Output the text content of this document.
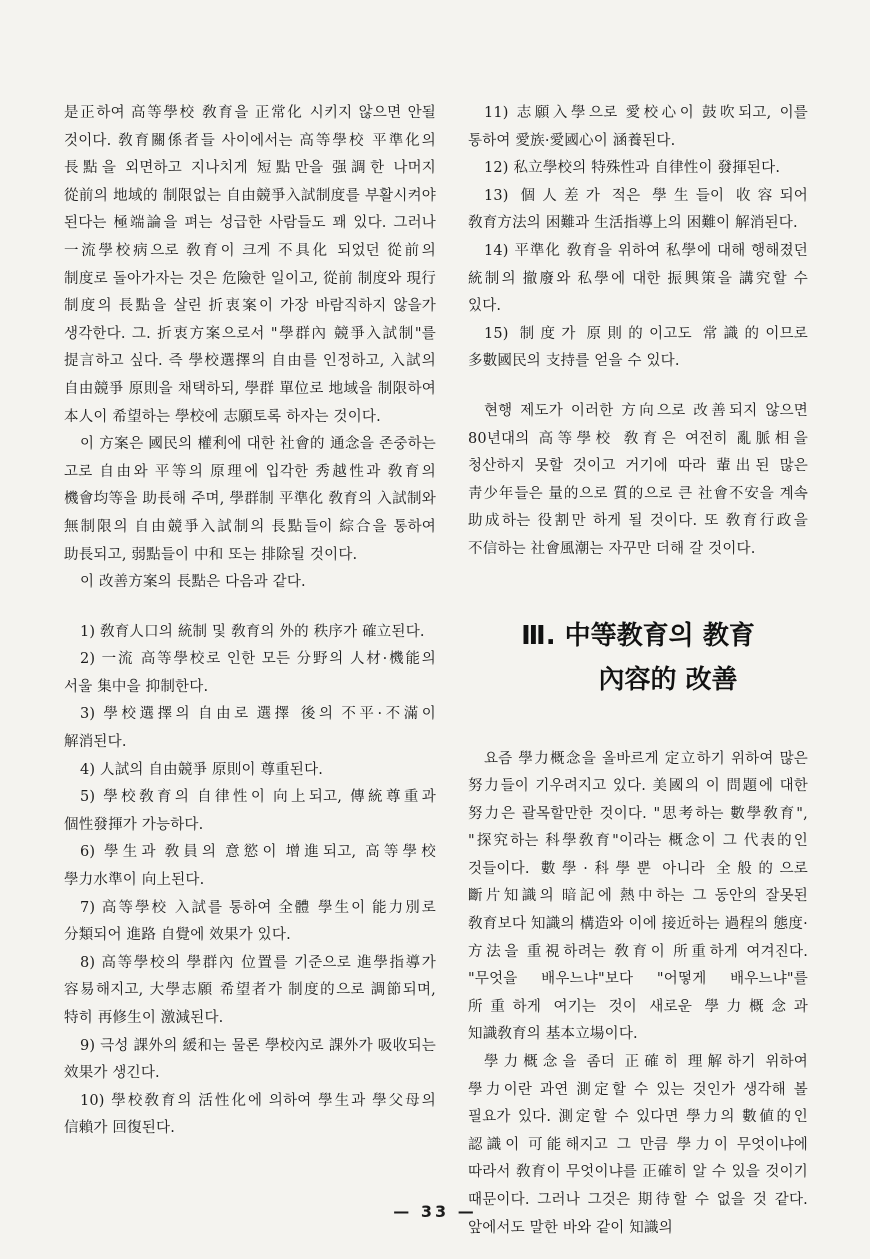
是正하여 高等學校 敎育을 正常化 시키지 않으면 안될 것이다. 敎育關係者들 사이에서는 高等學校 平準化의 長點을 외면하고 지나치게 短點만을 强調한 나머지 從前의 地域的 制限없는 自由競爭入試制度를 부활시켜야 된다는 極端論을 펴는 성급한 사람들도 꽤 있다. 그러나 一流學校病으로 敎育이 크게 不具化 되었던 從前의 制度로 돌아가자는 것은 危險한 일이고, 從前 制度와 現行 制度의 長點을 살린 折衷案이 가장 바람직하지 않을가 생각한다. 그. 折衷方案으로서 "學群內 競爭入試制"를 提言하고 싶다. 즉 學校選擇의 自由를 인정하고, 入試의 自由競爭 原則을 채택하되, 學群 單位로 地域을 制限하여 本人이 希望하는 學校에 志願토록 하자는 것이다.

이 方案은 國民의 權利에 대한 社會的 通念을 존중하는 고로 自由와 平等의 原理에 입각한 秀越性과 敎育의 機會均等을 助長해 주며, 學群制 平準化 敎育의 入試制와 無制限의 自由競爭入試制의 長點들이 綜合을 통하여 助長되고, 弱點들이 中和 또는 排除될 것이다.

이 改善方案의 長點은 다음과 같다.

1) 敎育人口의 統制 및 敎育의 外的 秩序가 確立된다.

2) 一流 高等學校로 인한 모든 分野의 人材·機能의 서울 集中을 抑制한다.

3) 學校選擇의 自由로 選擇 後의 不平·不滿이 解消된다.

4) 人試의 自由競爭 原則이 尊重된다.

5) 學校敎育의 自律性이 向上되고, 傳統尊重과 個性發揮가 가능하다.

6) 學生과 敎員의 意慾이 增進되고, 高等學校 學力水準이 向上된다.

7) 高等學校 入試를 통하여 全體 學生이 能力別로 分類되어 進路 自覺에 效果가 있다.

8) 高等學校의 學群內 位置를 기준으로 進學指導가 容易해지고, 大學志願 希望者가 制度的으로 調節되며, 特히 再修生이 激減된다.

9) 극성 課外의 緩和는 물론 學校內로 課外가 吸收되는 效果가 생긴다.

10) 學校敎育의 活性化에 의하여 學生과 學父母의 信賴가 回復된다.

11) 志願入學으로 愛校心이 鼓吹되고, 이를 통하여 愛族·愛國心이 涵養된다.

12) 私立學校의 特殊性과 自律性이 發揮된다.

13) 個人差가 적은 學生들이 收容되어 敎育方法의 困難과 生活指導上의 困難이 解消된다.

14) 平準化 敎育을 위하여 私學에 대해 행해졌던 統制의 撤廢와 私學에 대한 振興策을 講究할 수 있다.

15) 制度가 原則的이고도 常識的이므로 多數國民의 支持를 얻을 수 있다.

현행 제도가 이러한 方向으로 改善되지 않으면 80년대의 高等學校 敎育은 여전히 亂脈相을 청산하지 못할 것이고 거기에 따라 輩出된 많은 靑少年들은 量的으로 質的으로 큰 社會不安을 계속 助成하는 役割만 하게 될 것이다. 또 敎育行政을 不信하는 社會風潮는 자꾸만 더해 갈 것이다.

Ⅲ. 中等教育의 教育
內容的 改善

요즘 學力概念을 올바르게 定立하기 위하여 많은 努力들이 기우려지고 있다. 美國의 이 問題에 대한 努力은 괄목할만한 것이다. "思考하는 數學敎育", "探究하는 科學敎育"이라는 概念이 그 代表的인 것들이다. 數學·科學뿐 아니라 全般的으로 斷片知識의 暗記에 熱中하는 그 동안의 잘못된 敎育보다 知識의 構造와 이에 接近하는 過程의 態度·方法을 重視하려는 敎育이 所重하게 여겨진다. "무엇을 배우느냐"보다 "어떻게 배우느냐"를 所重하게 여기는 것이 새로운 學力概念과 知識敎育의 基本立場이다.

學力概念을 좀더 正確히 理解하기 위하여 學力이란 과연 測定할 수 있는 것인가 생각해 볼 필요가 있다. 測定할 수 있다면 學力의 數値的인 認識이 可能해지고 그 만큼 學力이 무엇이냐에 따라서 敎育이 무엇이냐를 正確히 알 수 있을 것이기 때문이다. 그러나 그것은 期待할 수 없을 것 같다. 앞에서도 말한 바와 같이 知識의

— 33 —
